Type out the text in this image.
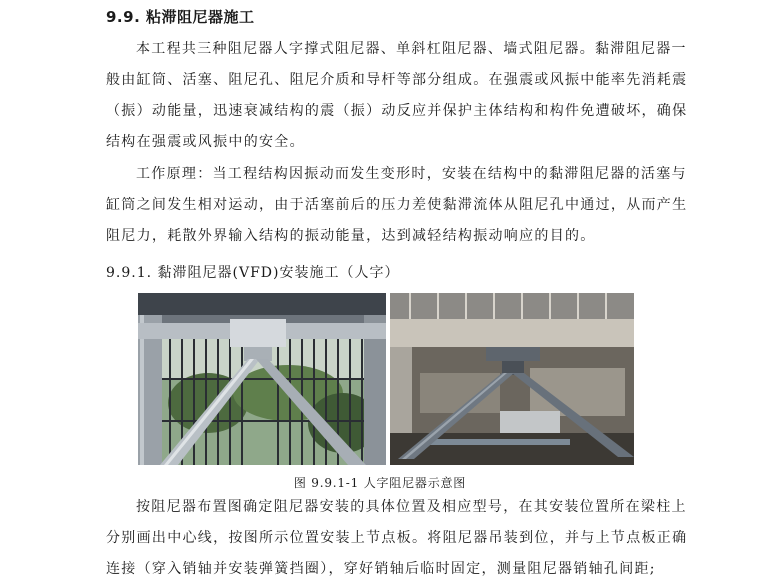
9.9. 粘滞阻尼器施工

本工程共三种阻尼器人字撑式阻尼器、单斜杠阻尼器、墙式阻尼器。黏滞阻尼器一般由缸筒、活塞、阻尼孔、阻尼介质和导杆等部分组成。在强震或风振中能率先消耗震（振）动能量，迅速衰减结构的震（振）动反应并保护主体结构和构件免遭破坏，确保结构在强震或风振中的安全。

工作原理：当工程结构因振动而发生变形时，安装在结构中的黏滞阻尼器的活塞与缸筒之间发生相对运动，由于活塞前后的压力差使黏滞流体从阻尼孔中通过，从而产生阻尼力，耗散外界输入结构的振动能量，达到减轻结构振动响应的目的。

9.9.1. 黏滞阻尼器(VFD)安装施工（人字）
图 9.9.1-1 人字阻尼器示意图

按阻尼器布置图确定阻尼器安装的具体位置及相应型号，在其安装位置所在梁柱上分别画出中心线，按图所示位置安装上节点板。将阻尼器吊装到位，并与上节点板正确连接（穿入销轴并安装弹簧挡圈），穿好销轴后临时固定，测量阻尼器销轴孔间距;
